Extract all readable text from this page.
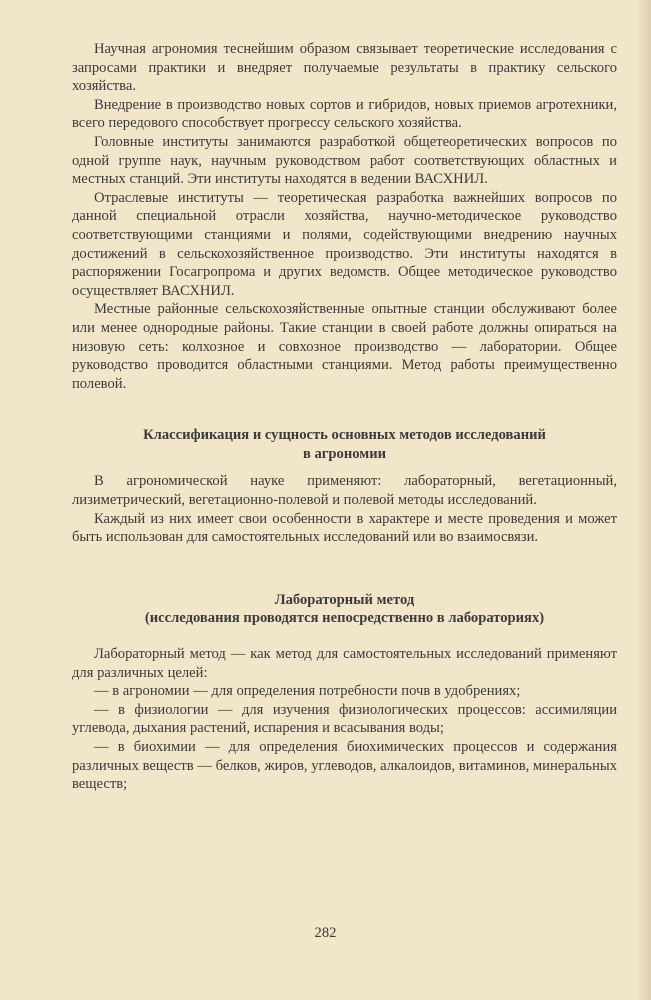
Научная агрономия теснейшим образом связывает теоретические исследования с запросами практики и внедряет получаемые результаты в практику сельского хозяйства.

Внедрение в производство новых сортов и гибридов, новых приемов агротехники, всего передового способствует прогрессу сельского хозяйства.

Головные институты занимаются разработкой общетеоретических вопросов по одной группе наук, научным руководством работ соответствующих областных и местных станций. Эти институты находятся в ведении ВАСХНИЛ.

Отраслевые институты — теоретическая разработка важнейших вопросов по данной специальной отрасли хозяйства, научно-методическое руководство соответствующими станциями и полями, содействующими внедрению научных достижений в сельскохозяйственное производство. Эти институты находятся в распоряжении Госагропрома и других ведомств. Общее методическое руководство осуществляет ВАСХНИЛ.

Местные районные сельскохозяйственные опытные станции обслуживают более или менее однородные районы. Такие станции в своей работе должны опираться на низовую сеть: колхозное и совхозное производство — лаборатории. Общее руководство проводится областными станциями. Метод работы преимущественно полевой.

Классификация и сущность основных методов исследований

в агрономии

В агрономической науке применяют: лабораторный, вегетационный, лизиметрический, вегетационно-полевой и полевой методы исследований.

Каждый из них имеет свои особенности в характере и месте проведения и может быть использован для самостоятельных исследований или во взаимосвязи.

Лабораторный метод

(исследования проводятся непосредственно в лабораториях)

Лабораторный метод — как метод для самостоятельных исследований применяют для различных целей:

— в агрономии — для определения потребности почв в удобрениях;

— в физиологии — для изучения физиологических процессов: ассимиляции углевода, дыхания растений, испарения и всасывания воды;

— в биохимии — для определения биохимических процессов и содержания различных веществ — белков, жиров, углеводов, алкалоидов, витаминов, минеральных веществ;

282
